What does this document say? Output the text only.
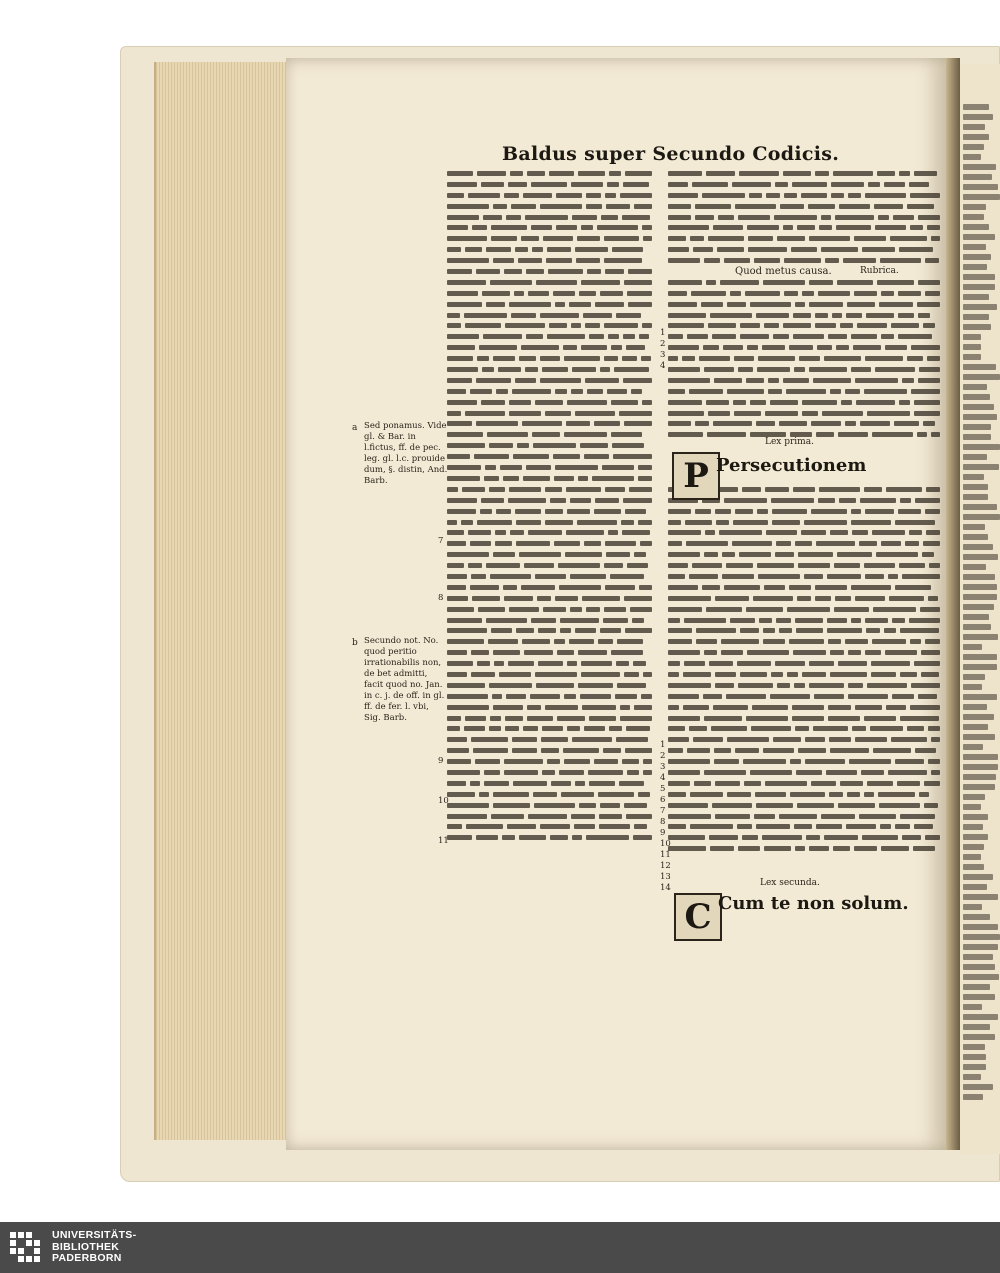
Baldus super Secundo Codicis.
a Sed ponamus. Vide gl. & Bar. in l.fictus, ff. de pec. leg. gl. l.c. prouide dum, §. distin, And. Barb.
b Secundo not. No. quod peritio irrationabilis non, de bet admitti, facit quod no. Jan. in c. j. de off. in gl. ff. de fer. l. vbi, Sig. Barb.
Quod metus causa.	Rubrica.
Lex prima.
Lex secunda.
P Persecutionem
C Cum te non solum.
7
8
9
10
11
1
2
3
4
1
2
3
4
5
6
7
8
9
10
11
12
13
14
UNIVERSITÄTS-
BIBLIOTHEK
PADERBORN
